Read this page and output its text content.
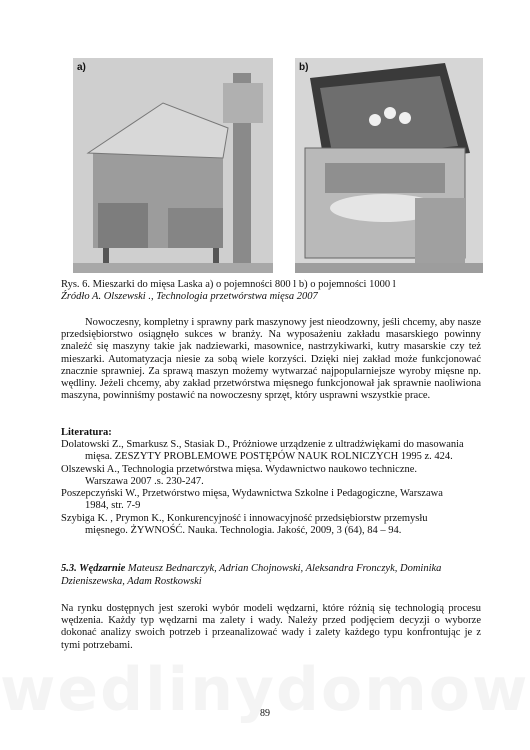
a)	b)
Rys. 6. Mieszarki do mięsa Laska a) o pojemności 800 l b) o pojemności 1000 l
Źródło A. Olszewski ., Technologia przetwórstwa mięsa 2007

Nowoczesny, kompletny i sprawny park maszynowy jest nieodzowny, jeśli chcemy, aby nasze przedsiębiorstwo osiągnęło sukces w branży. Na wyposażeniu zakładu masarskiego powinny znaleźć się maszyny takie jak nadziewarki, masownice, nastrzykiwarki, kutry masarskie czy też mieszarki. Automatyzacja niesie za sobą wiele korzyści. Dzięki niej zakład może funkcjonować znacznie sprawniej. Za sprawą maszyn możemy wytwarzać najpopularniejsze wyroby mięsne np. wędliny. Jeżeli chcemy, aby zakład przetwórstwa mięsnego funkcjonował jak sprawnie naoliwiona maszyna, powinniśmy postawić na nowoczesny sprzęt, który usprawni wszystkie prace.

Literatura:
Dolatowski Z., Smarkusz S., Stasiak D., Próżniowe urządzenie z ultradźwiękami do masowania
mięsa. ZESZYTY PROBLEMOWE POSTĘPÓW NAUK ROLNICZYCH 1995 z. 424.
Olszewski A., Technologia przetwórstwa mięsa. Wydawnictwo naukowo techniczne.
Warszawa 2007 .s. 230-247.
Poszepczyński W., Przetwórstwo mięsa, Wydawnictwa Szkolne i Pedagogiczne, Warszawa
1984, str. 7-9
Szybiga K. , Prymon K., Konkurencyjność i innowacyjność przedsiębiorstw przemysłu
mięsnego. ŻYWNOŚĆ. Nauka. Technologia. Jakość, 2009, 3 (64), 84 – 94.
5.3. Wędzarnie Mateusz Bednarczyk, Adrian Chojnowski, Aleksandra Fronczyk, Dominika Dzieniszewska, Adam Rostkowski

Na rynku dostępnych jest szeroki wybór modeli wędzarni, które różnią się technologią procesu wędzenia. Każdy typ wędzarni ma zalety i wady. Należy przed podjęciem decyzji o wyborze dokonać analizy swoich potrzeb i przeanalizować wady i zalety każdego typu konfrontując je z tymi potrzebami.

89
